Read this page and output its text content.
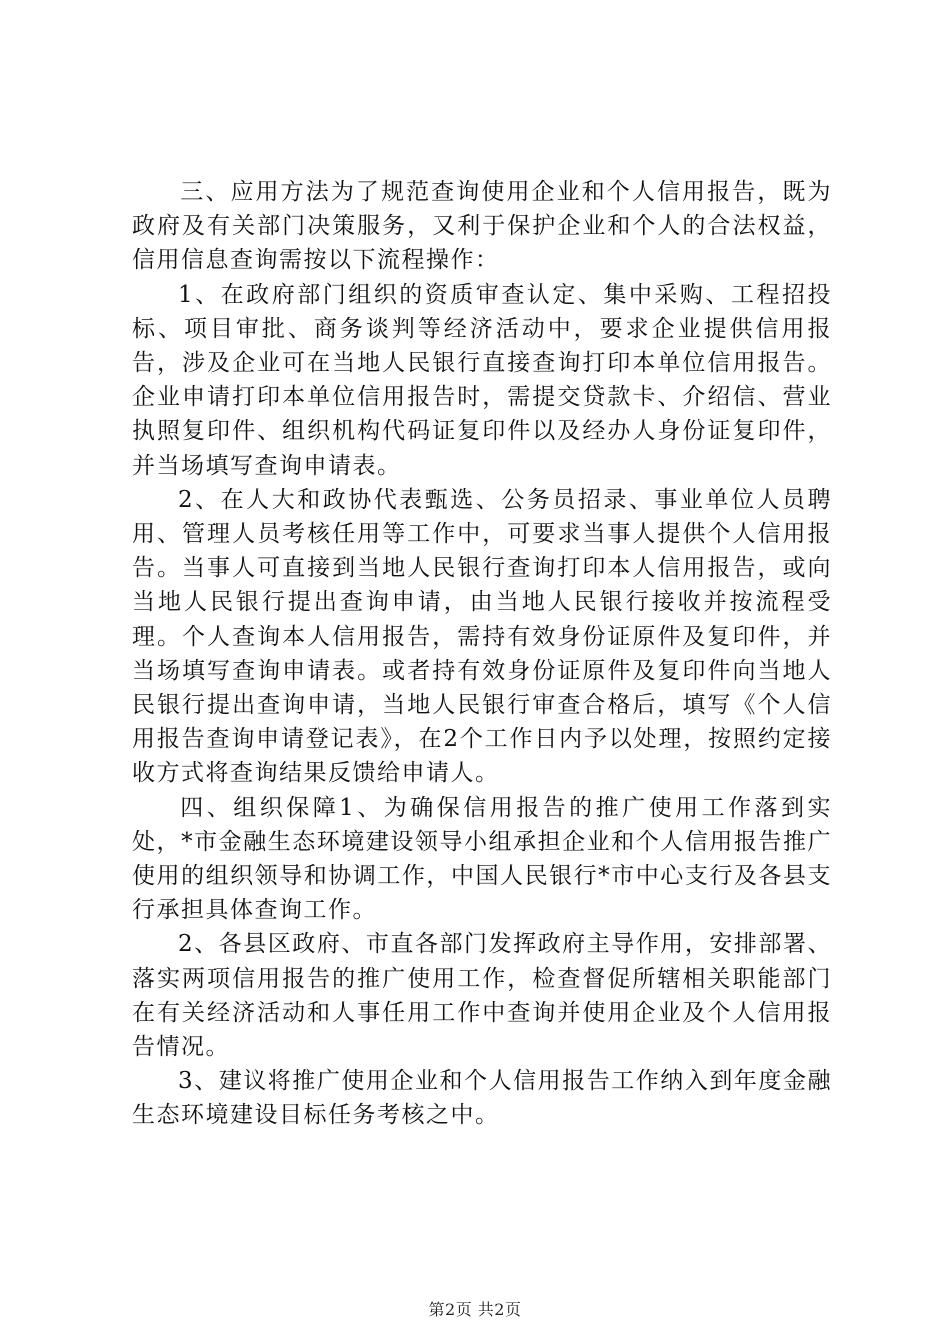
三、应用方法为了规范查询使用企业和个人信用报告，既为政府及有关部门决策服务，又利于保护企业和个人的合法权益，信用信息查询需按以下流程操作：

1、在政府部门组织的资质审查认定、集中采购、工程招投标、项目审批、商务谈判等经济活动中，要求企业提供信用报告，涉及企业可在当地人民银行直接查询打印本单位信用报告。企业申请打印本单位信用报告时，需提交贷款卡、介绍信、营业执照复印件、组织机构代码证复印件以及经办人身份证复印件，并当场填写查询申请表。

2、在人大和政协代表甄选、公务员招录、事业单位人员聘用、管理人员考核任用等工作中，可要求当事人提供个人信用报告。当事人可直接到当地人民银行查询打印本人信用报告，或向当地人民银行提出查询申请，由当地人民银行接收并按流程受理。个人查询本人信用报告，需持有效身份证原件及复印件，并当场填写查询申请表。或者持有效身份证原件及复印件向当地人民银行提出查询申请，当地人民银行审查合格后，填写《个人信用报告查询申请登记表》，在2个工作日内予以处理，按照约定接收方式将查询结果反馈给申请人。

四、组织保障1、为确保信用报告的推广使用工作落到实处，*市金融生态环境建设领导小组承担企业和个人信用报告推广使用的组织领导和协调工作，中国人民银行*市中心支行及各县支行承担具体查询工作。

2、各县区政府、市直各部门发挥政府主导作用，安排部署、落实两项信用报告的推广使用工作，检查督促所辖相关职能部门在有关经济活动和人事任用工作中查询并使用企业及个人信用报告情况。

3、建议将推广使用企业和个人信用报告工作纳入到年度金融生态环境建设目标任务考核之中。

第2页 共2页
